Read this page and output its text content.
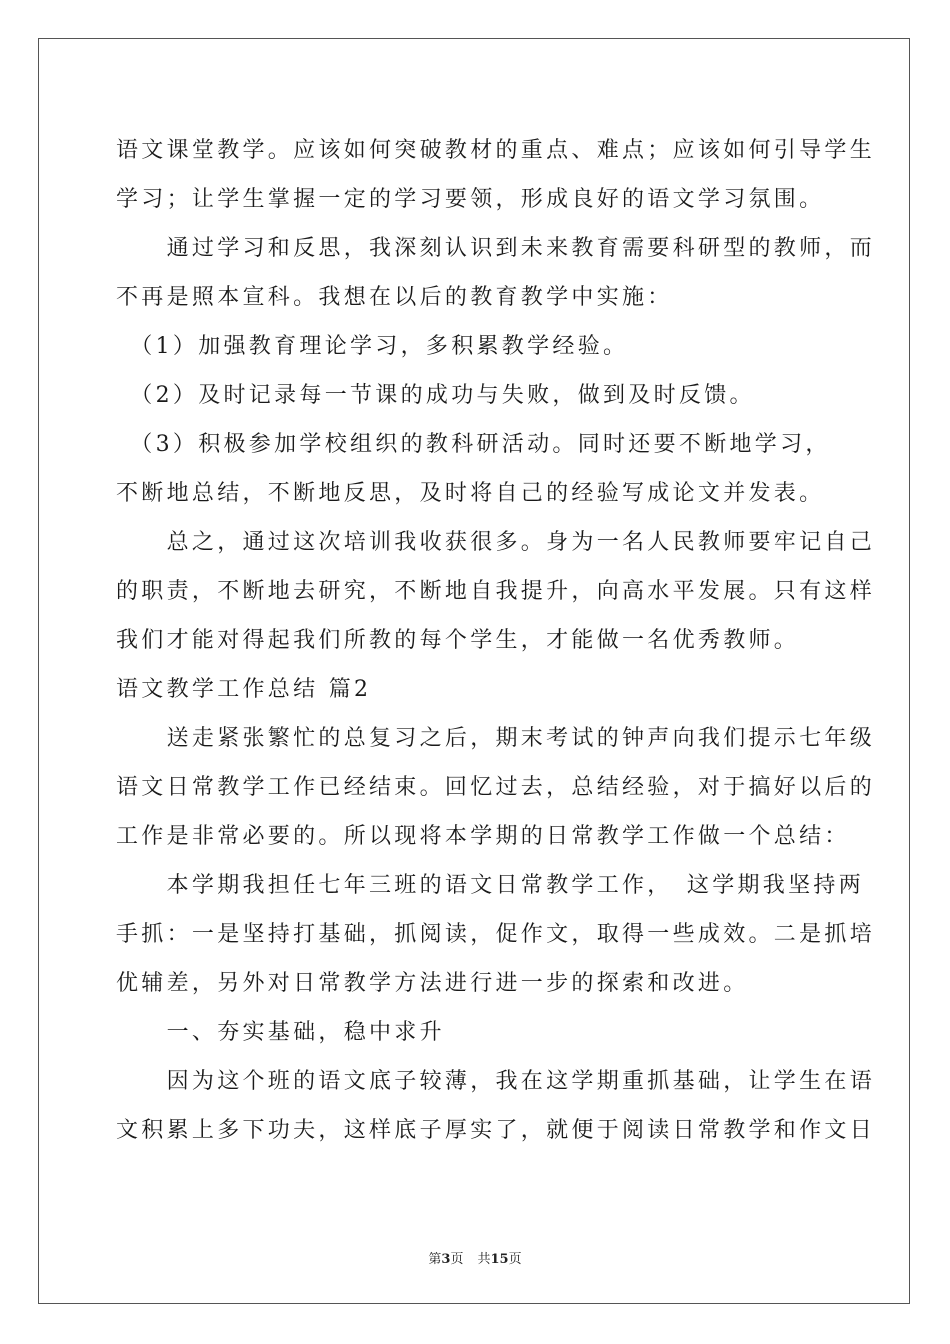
语文课堂教学。应该如何突破教材的重点、难点；应该如何引导学生
学习；让学生掌握一定的学习要领，形成良好的语文学习氛围。
　　通过学习和反思，我深刻认识到未来教育需要科研型的教师，而
不再是照本宣科。我想在以后的教育教学中实施：
　（1）加强教育理论学习，多积累教学经验。
　（2）及时记录每一节课的成功与失败，做到及时反馈。
　（3）积极参加学校组织的教科研活动。同时还要不断地学习，
不断地总结，不断地反思，及时将自己的经验写成论文并发表。
　　总之，通过这次培训我收获很多。身为一名人民教师要牢记自己
的职责，不断地去研究，不断地自我提升，向高水平发展。只有这样
我们才能对得起我们所教的每个学生，才能做一名优秀教师。
语文教学工作总结 篇2
　　送走紧张繁忙的总复习之后，期末考试的钟声向我们提示七年级
语文日常教学工作已经结束。回忆过去，总结经验，对于搞好以后的
工作是非常必要的。所以现将本学期的日常教学工作做一个总结：
　　本学期我担任七年三班的语文日常教学工作，　这学期我坚持两
手抓：一是坚持打基础，抓阅读，促作文，取得一些成效。二是抓培
优辅差，另外对日常教学方法进行进一步的探索和改进。
　　一、夯实基础，稳中求升
　　因为这个班的语文底子较薄，我在这学期重抓基础，让学生在语
文积累上多下功夫，这样底子厚实了，就便于阅读日常教学和作文日
第3页 共15页
